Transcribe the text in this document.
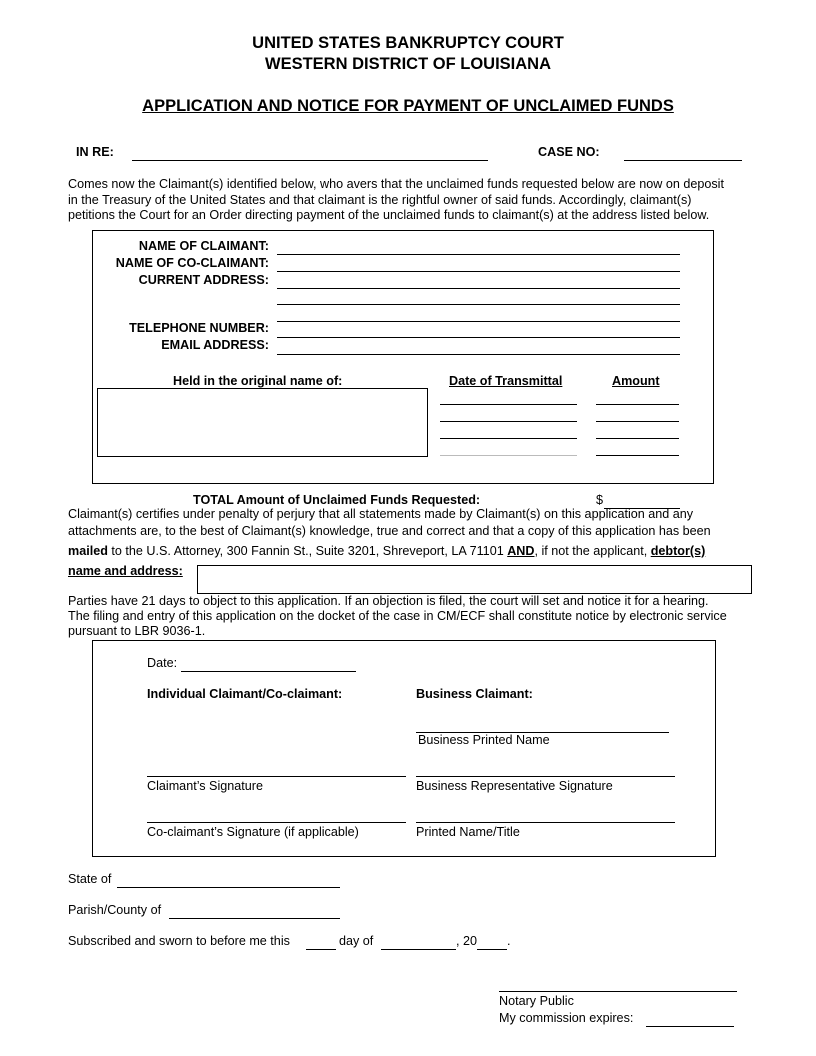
UNITED STATES BANKRUPTCY COURT
WESTERN DISTRICT OF LOUISIANA
APPLICATION AND NOTICE FOR PAYMENT OF UNCLAIMED FUNDS
IN RE:	CASE NO:
Comes now the Claimant(s) identified below, who avers that the unclaimed funds requested below are now on deposit
in the Treasury of the United States and that claimant is the rightful owner of said funds. Accordingly, claimant(s)
petitions the Court for an Order directing payment of the unclaimed funds to claimant(s) at the address listed below.
NAME OF CLAIMANT:
NAME OF CO-CLAIMANT:
CURRENT ADDRESS:
TELEPHONE NUMBER:
EMAIL ADDRESS:
Held in the original name of:	Date of Transmittal	Amount
TOTAL Amount of Unclaimed Funds Requested:	$
Claimant(s) certifies under penalty of perjury that all statements made by Claimant(s) on this application and any
attachments are, to the best of Claimant(s) knowledge, true and correct and that a copy of this application has been
mailed to the U.S. Attorney, 300 Fannin St., Suite 3201, Shreveport, LA 71101 AND, if not the applicant, debtor(s)
name and address:
Parties have 21 days to object to this application. If an objection is filed, the court will set and notice it for a hearing.
The filing and entry of this application on the docket of the case in CM/ECF shall constitute notice by electronic service
pursuant to LBR 9036-1.
Date:
Individual Claimant/Co-claimant:	Business Claimant:
Business Printed Name
Claimant’s Signature	Business Representative Signature
Co-claimant’s Signature (if applicable)	Printed Name/Title
State of
Parish/County of
Subscribed and sworn to before me this	day of	, 20 .
Notary Public
My commission expires:
